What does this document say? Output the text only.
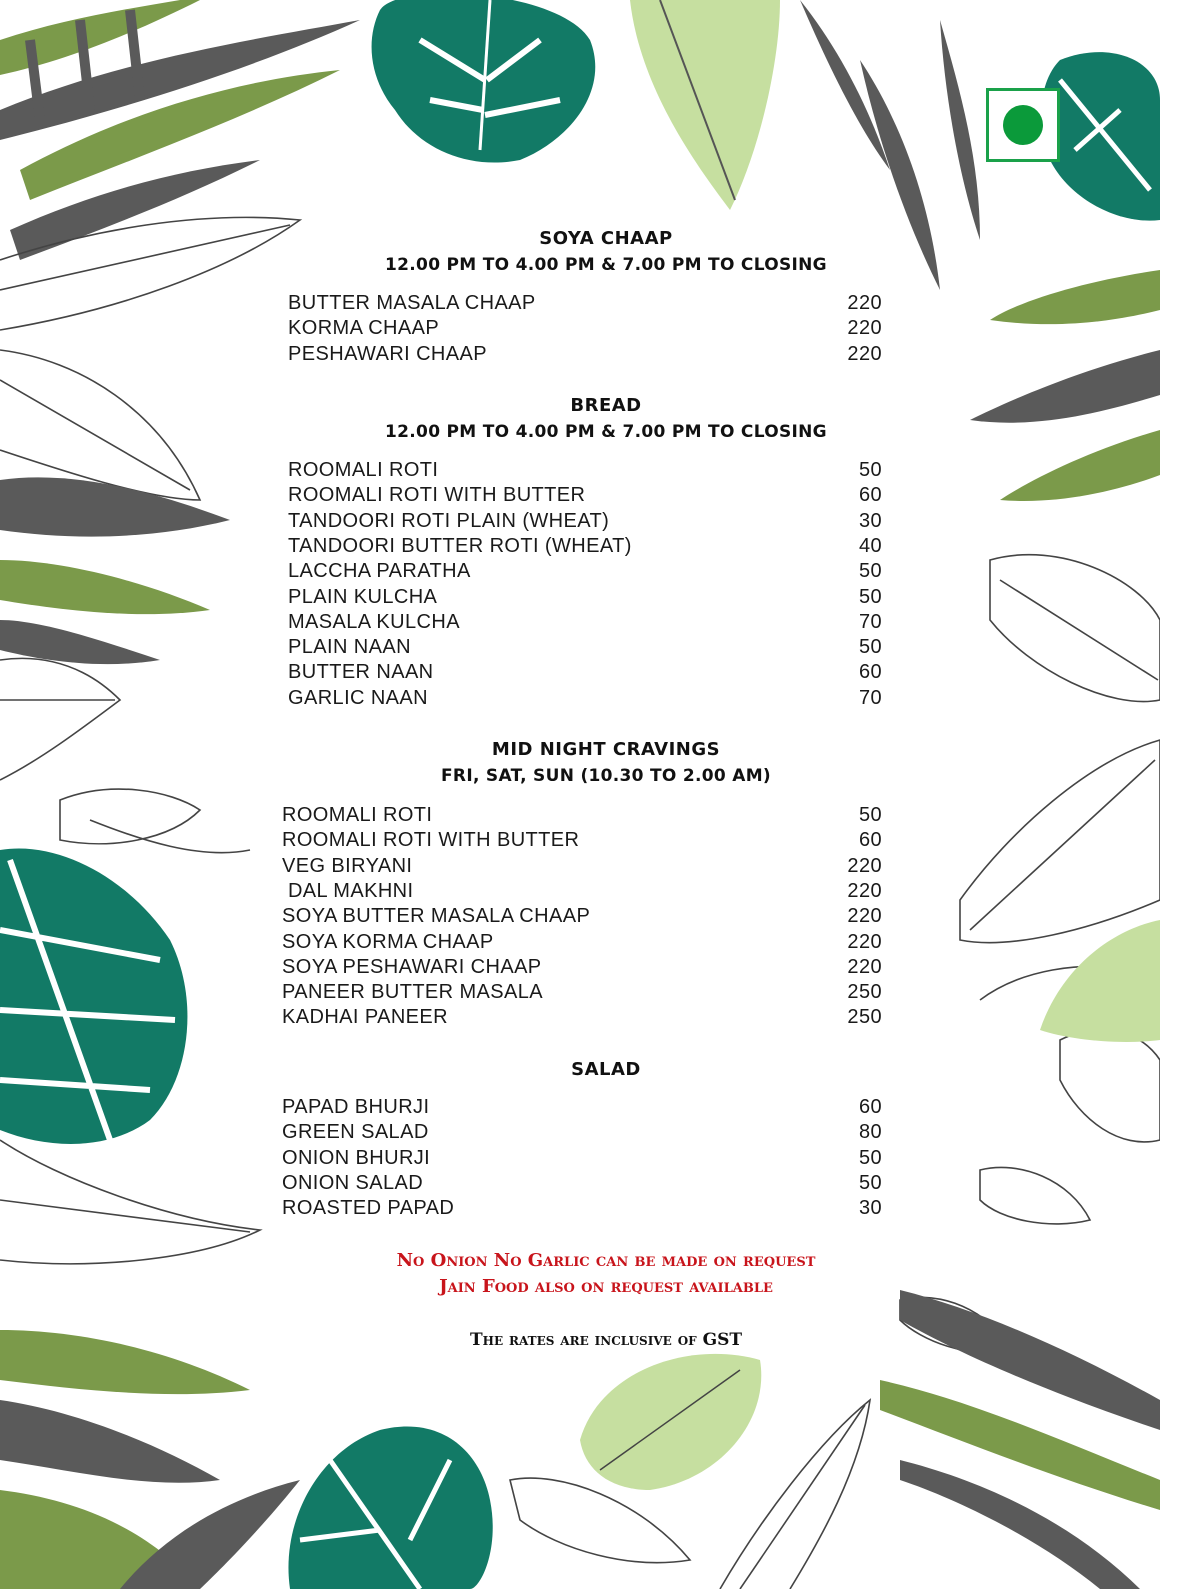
SOYA CHAAP
12.00 PM TO 4.00 PM & 7.00 PM TO CLOSING
BUTTER MASALA CHAAP	220
KORMA CHAAP	220
PESHAWARI CHAAP	220
BREAD
12.00 PM TO 4.00 PM & 7.00 PM TO CLOSING
ROOMALI ROTI	50
ROOMALI ROTI WITH BUTTER	60
TANDOORI ROTI PLAIN (WHEAT)	30
TANDOORI BUTTER ROTI (WHEAT)	40
LACCHA PARATHA	50
PLAIN KULCHA	50
MASALA KULCHA	70
PLAIN NAAN	50
BUTTER NAAN	60
GARLIC NAAN	70
MID NIGHT CRAVINGS
FRI, SAT, SUN (10.30 TO 2.00 AM)
ROOMALI ROTI	50
ROOMALI ROTI WITH BUTTER	60
VEG BIRYANI	220
DAL MAKHNI	220
SOYA BUTTER MASALA CHAAP	220
SOYA KORMA CHAAP	220
SOYA PESHAWARI CHAAP	220
PANEER BUTTER MASALA	250
KADHAI PANEER	250
SALAD
PAPAD BHURJI	60
GREEN SALAD	80
ONION BHURJI	50
ONION SALAD	50
ROASTED PAPAD	30
No Onion No Garlic can be made on request
Jain Food also on request available
The rates are inclusive of GST
